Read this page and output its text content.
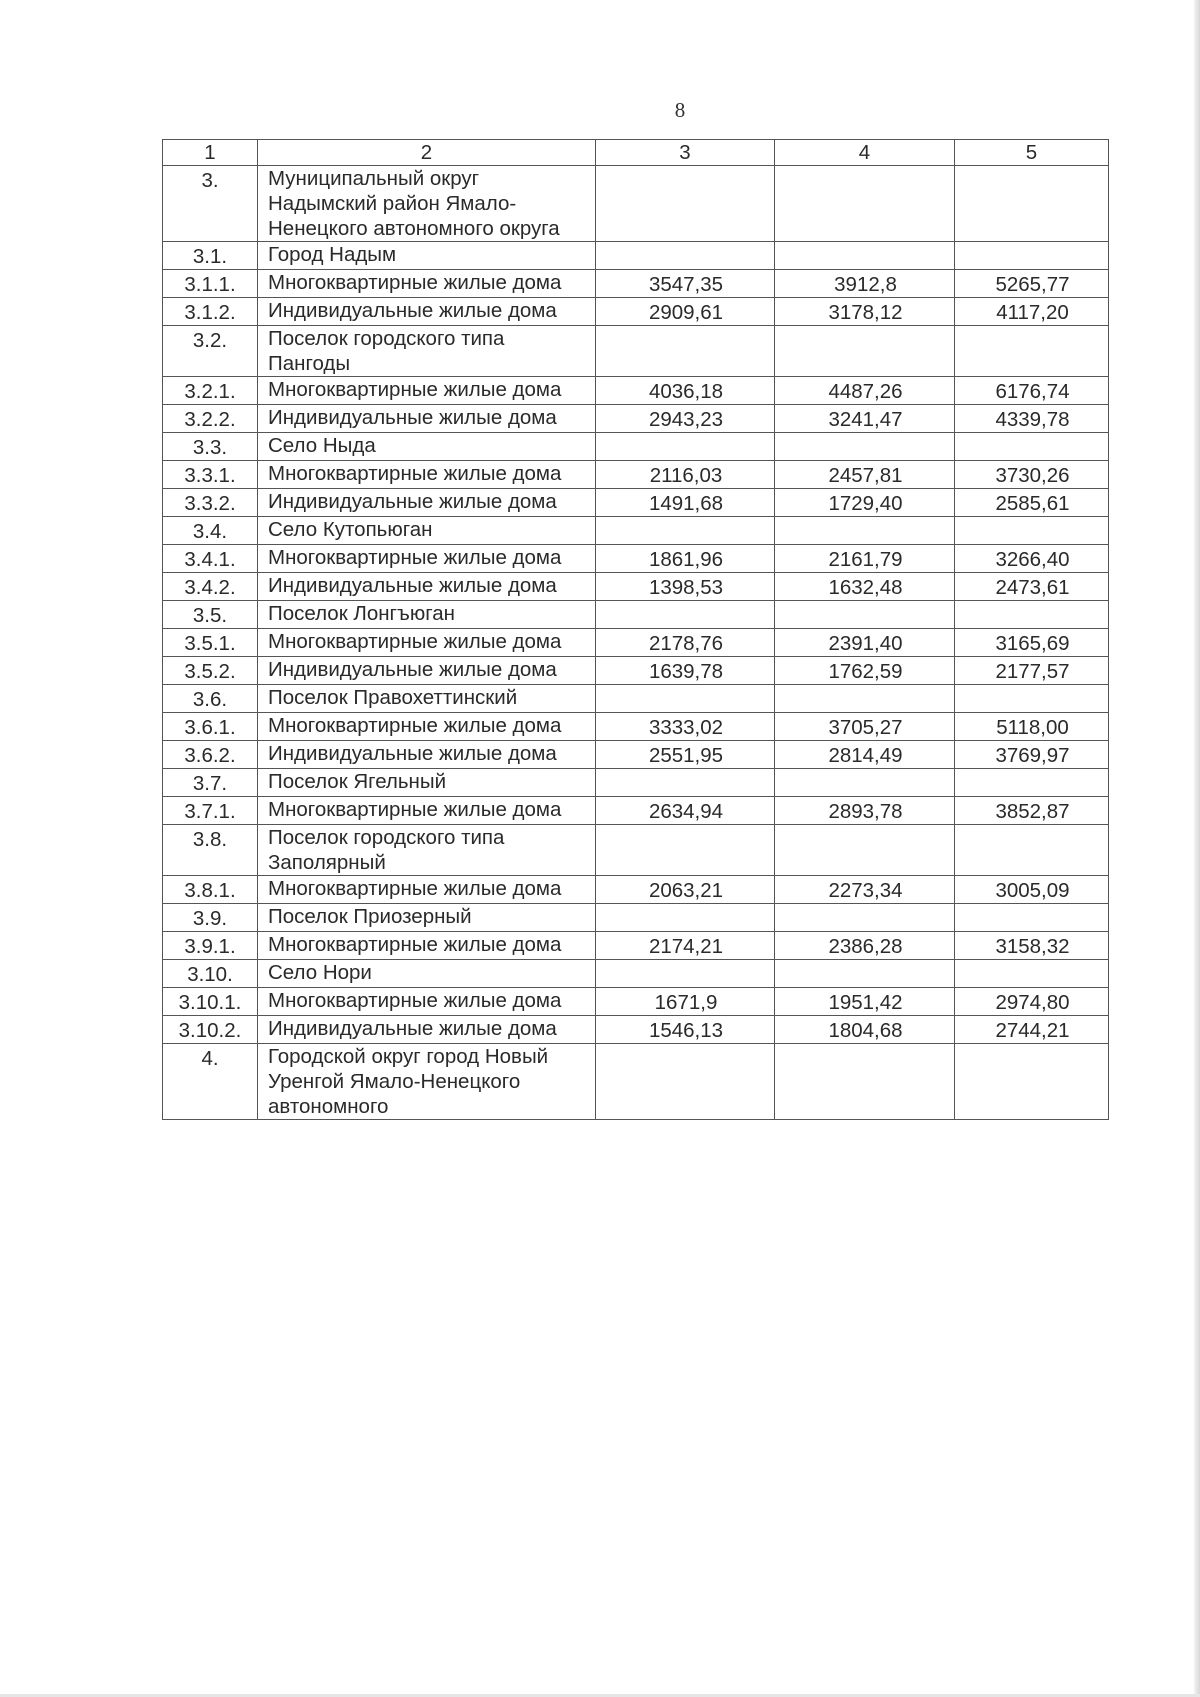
8
1	2	3	4	5
3.	Муниципальный округ Надымский район Ямало-Ненецкого автономного округа			
3.1.	Город Надым			
3.1.1.	Многоквартирные жилые дома	3547,35	3912,8	5265,77
3.1.2.	Индивидуальные жилые дома	2909,61	3178,12	4117,20
3.2.	Поселок городского типа Пангоды			
3.2.1.	Многоквартирные жилые дома	4036,18	4487,26	6176,74
3.2.2.	Индивидуальные жилые дома	2943,23	3241,47	4339,78
3.3.	Село Ныда			
3.3.1.	Многоквартирные жилые дома	2116,03	2457,81	3730,26
3.3.2.	Индивидуальные жилые дома	1491,68	1729,40	2585,61
3.4.	Село Кутопьюган			
3.4.1.	Многоквартирные жилые дома	1861,96	2161,79	3266,40
3.4.2.	Индивидуальные жилые дома	1398,53	1632,48	2473,61
3.5.	Поселок Лонгъюган			
3.5.1.	Многоквартирные жилые дома	2178,76	2391,40	3165,69
3.5.2.	Индивидуальные жилые дома	1639,78	1762,59	2177,57
3.6.	Поселок Правохеттинский			
3.6.1.	Многоквартирные жилые дома	3333,02	3705,27	5118,00
3.6.2.	Индивидуальные жилые дома	2551,95	2814,49	3769,97
3.7.	Поселок Ягельный			
3.7.1.	Многоквартирные жилые дома	2634,94	2893,78	3852,87
3.8.	Поселок городского типа Заполярный			
3.8.1.	Многоквартирные жилые дома	2063,21	2273,34	3005,09
3.9.	Поселок Приозерный			
3.9.1.	Многоквартирные жилые дома	2174,21	2386,28	3158,32
3.10.	Село Нори			
3.10.1.	Многоквартирные жилые дома	1671,9	1951,42	2974,80
3.10.2.	Индивидуальные жилые дома	1546,13	1804,68	2744,21
4.	Городской округ город Новый Уренгой Ямало-Ненецкого автономного			
